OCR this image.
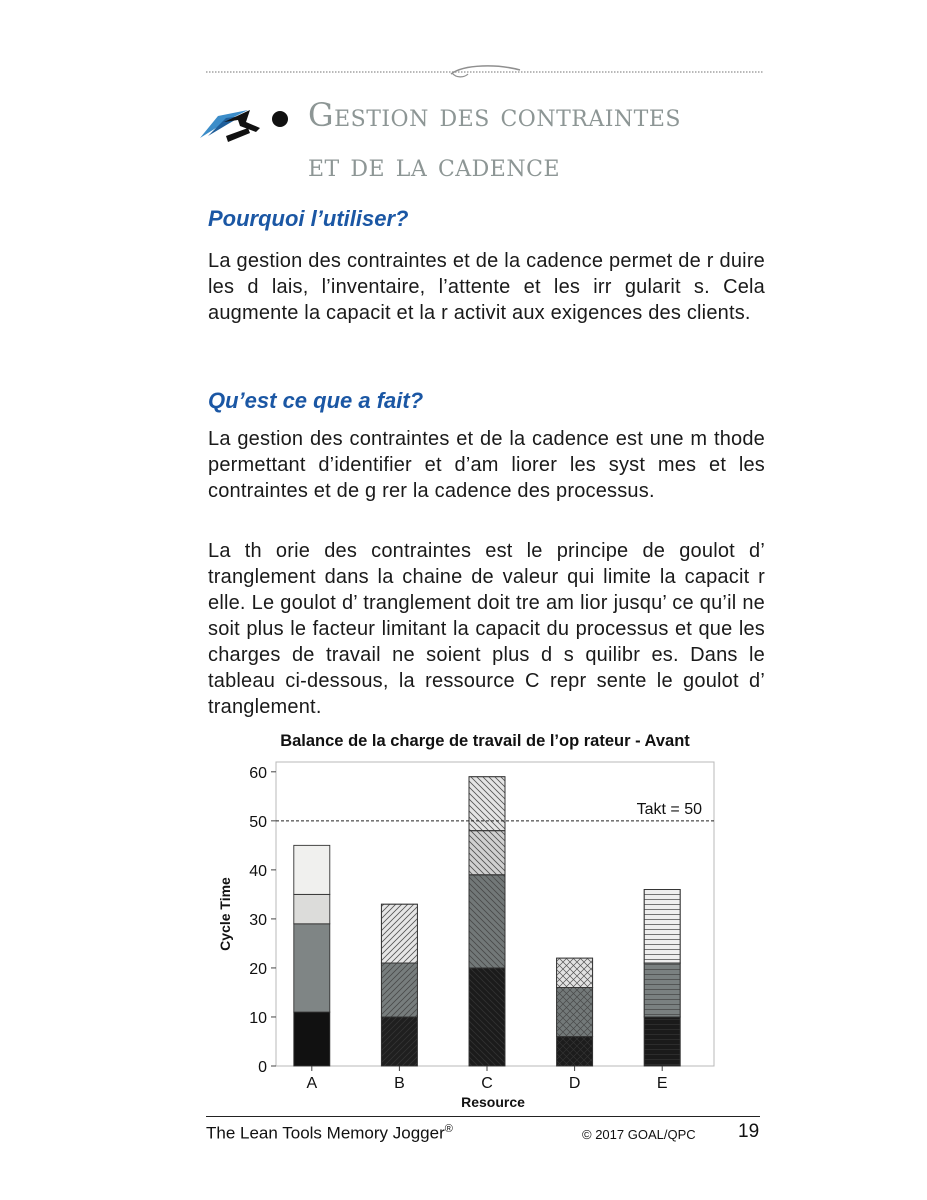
Gestion des contraintes
et de la cadence
Pourquoi l’utiliser?

La gestion des contraintes et de la cadence permet de r duire les d lais, l’inventaire, l’attente et les irr gularit s. Cela augmente la capacit et la r activit aux exigences des clients.

Qu’est ce que a fait?

La gestion des contraintes et de la cadence est une m thode permettant d’identifier et d’am liorer les syst mes et les contraintes et de g rer la cadence des processus.

La th orie des contraintes est le principe de goulot d’ tranglement dans la chaine de valeur qui limite la capacit r elle. Le goulot d’ tranglement doit tre am lior jusqu’ ce qu’il ne soit plus le facteur limitant la capacit du processus et que les charges de travail ne soient plus d s quilibr es. Dans le tableau ci-dessous, la ressource C repr sente le goulot d’ tranglement.

Balance de la charge de travail de l’op rateur - Avant
0
10
20
30
40
50
60
Cycle Time
Resource
A	B	C	D	E
Takt = 50
The Lean Tools Memory Jogger®	© 2017 GOAL/QPC 19
